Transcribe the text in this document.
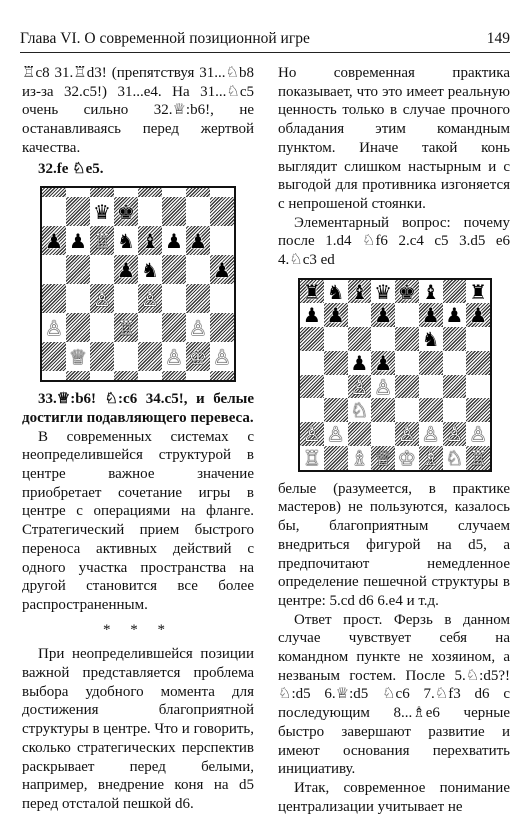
Глава VI. О современной позиционной игре	149

♖c8 31.♖d3! (препятствуя 31...♘b8 из-за 32.c5!) 31...e4. На 31...♘c5 очень сильно 32.♕:b6!, не останавливаясь перед жертвой качества.

32.fe ♘e5.

♛ ♚
♟ ♟ ♖ ♞ ♝ ♟ ♟
♟ ♞	♟
♙ ♙
♙	♖	♙
♕	♙ ♔ ♙

33.♕:b6! ♘:c6 34.c5!, и белые достигли подавляющего перевеса.

В современных системах с неопределившейся структурой в центре важное значение приобретает сочетание игры в центре с операциями на фланге. Стратегический прием быстрого переноса активных действий с одного участка пространства на другой становится все более распространенным.

* * *

При неопределившейся позиции важной представляется проблема выбора удобного момента для достижения благоприятной структуры в центре. Что и говорить, сколько стратегических перспектив раскрывает перед белыми, например, внедрение коня на d5 перед отсталой пешкой d6.

Но современная практика показывает, что это имеет реальную ценность только в случае прочного обладания этим командным пунктом. Иначе такой конь выглядит слишком настырным и с выгодой для противника изгоняется с непрошеной стоянки.

Элементарный вопрос: почему после 1.d4 ♘f6 2.c4 c5 3.d5 e6 4.♘c3 ed

♜ ♞ ♝ ♛ ♚ ♝ ♜
♟ ♟ ♟ ♟ ♟ ♟
♞
♟ ♟
♙ ♙
♘
♙ ♙	♙ ♙ ♙ ♙
♖ ♗ ♕ ♔ ♗ ♘ ♖

белые (разумеется, в практике мастеров) не пользуются, казалось бы, благоприятным случаем внедриться фигурой на d5, а предпочитают немедленное определение пешечной структуры в центре: 5.cd d6 6.e4 и т.д.

Ответ прост. Ферзь в данном случае чувствует себя на командном пункте не хозяином, а незваным гостем. После 5.♘:d5?! ♘:d5 6.♕:d5 ♘c6 7.♘f3 d6 с последующим 8...♗e6 черные быстро завершают развитие и имеют основания перехватить инициативу.

Итак, современное понимание централизации учитывает не
